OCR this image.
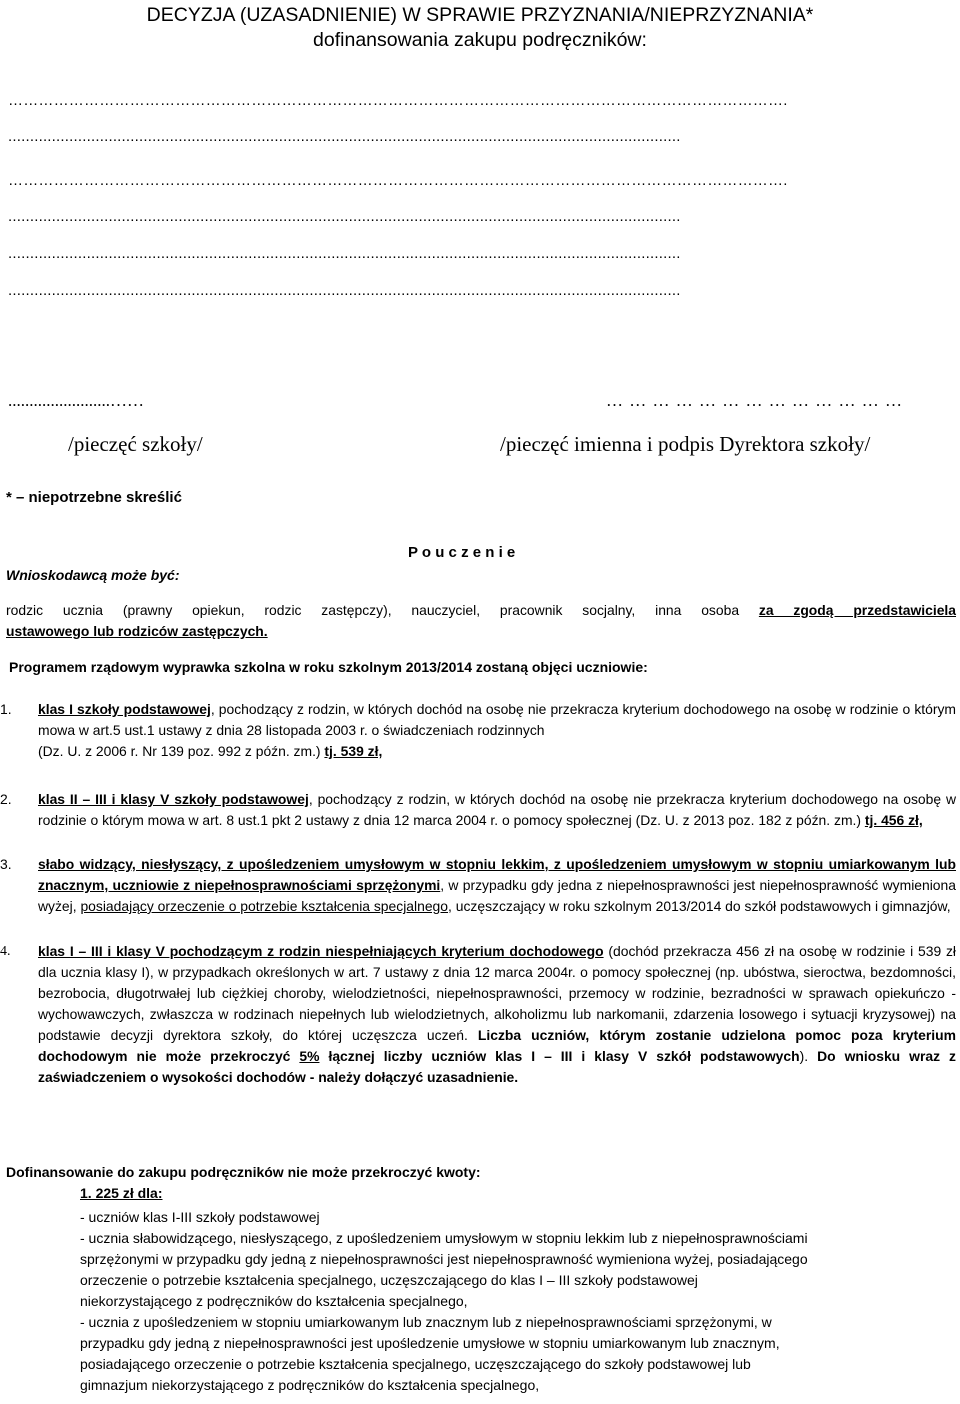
DECYZJA (UZASADNIENIE) W SPRAWIE PRZYZNANIA/NIEPRZYZNANIA*
dofinansowania zakupu podręczników:
……………………………………………………………………………………………………………………………………….
..........................................................................................................................................................
……………………………………………………………………………………………………………………………………….
..........................................................................................................................................................
..........................................................................................................................................................
..........................................................................................................................................................
........................……	… … … … … … … … … … … … …
/pieczęć szkoły/	/pieczęć imienna i podpis Dyrektora szkoły/
* – niepotrzebne skreślić
P o u c z e n i e
Wnioskodawcą może być:
rodzic ucznia (prawny opiekun, rodzic zastępczy), nauczyciel, pracownik socjalny, inna osoba za zgodą przedstawiciela
ustawowego lub rodziców zastępczych.
Programem rządowym wyprawka szkolna w roku szkolnym 2013/2014 zostaną objęci uczniowie:
1. klas I szkoły podstawowej, pochodzący z rodzin, w których dochód na osobę nie przekracza kryterium dochodowego na osobę w rodzinie o którym mowa w art.5 ust.1 ustawy z dnia 28 listopada 2003 r. o świadczeniach rodzinnych
(Dz. U. z 2006 r. Nr 139 poz. 992 z późn. zm.) tj. 539 zł,
2. klas II – III i klasy V szkoły podstawowej, pochodzący z rodzin, w których dochód na osobę nie przekracza kryterium dochodowego na osobę w rodzinie o którym mowa w art. 8 ust.1 pkt 2 ustawy z dnia 12 marca 2004 r. o pomocy społecznej (Dz. U. z 2013 poz. 182 z późn. zm.) tj. 456 zł,
3. słabo widzący, niesłyszący, z upośledzeniem umysłowym w stopniu lekkim, z upośledzeniem umysłowym w stopniu umiarkowanym lub znacznym, uczniowie z niepełnosprawnościami sprzężonymi, w przypadku gdy jedna z niepełnosprawności jest niepełnosprawność wymieniona wyżej, posiadający orzeczenie o potrzebie kształcenia specjalnego, uczęszczający w roku szkolnym 2013/2014 do szkół podstawowych i gimnazjów,
4. klas I – III i klasy V pochodzącym z rodzin niespełniających kryterium dochodowego (dochód przekracza 456 zł na osobę w rodzinie i 539 zł dla ucznia klasy I), w przypadkach określonych w art. 7 ustawy z dnia 12 marca 2004r. o pomocy społecznej (np. ubóstwa, sieroctwa, bezdomności, bezrobocia, długotrwałej lub ciężkiej choroby, wielodzietności, niepełnosprawności, przemocy w rodzinie, bezradności w sprawach opiekuńczo - wychowawczych, zwłaszcza w rodzinach niepełnych lub wielodzietnych, alkoholizmu lub narkomanii, zdarzenia losowego i sytuacji kryzysowej) na podstawie decyzji dyrektora szkoły, do której uczęszcza uczeń. Liczba uczniów, którym zostanie udzielona pomoc poza kryterium dochodowym nie może przekroczyć 5% łącznej liczby uczniów klas I – III i klasy V szkół podstawowych). Do wniosku wraz z zaświadczeniem o wysokości dochodów - należy dołączyć uzasadnienie.
Dofinansowanie do zakupu podręczników nie może przekroczyć kwoty:
1. 225 zł dla:
- uczniów klas I-III szkoły podstawowej
- ucznia słabowidzącego, niesłyszącego, z upośledzeniem umysłowym w stopniu lekkim lub z niepełnosprawnościami
sprzężonymi w przypadku gdy jedną z niepełnosprawności jest niepełnosprawność wymieniona wyżej, posiadającego
orzeczenie o potrzebie kształcenia specjalnego, uczęszczającego do klas I – III szkoły podstawowej
niekorzystającego z podręczników do kształcenia specjalnego,
- ucznia z upośledzeniem w stopniu umiarkowanym lub znacznym lub z niepełnosprawnościami sprzężonymi, w
przypadku gdy jedną z niepełnosprawności jest upośledzenie umysłowe w stopniu umiarkowanym lub znacznym,
posiadającego orzeczenie o potrzebie kształcenia specjalnego, uczęszczającego do szkoły podstawowej lub
gimnazjum niekorzystającego z podręczników do kształcenia specjalnego,
